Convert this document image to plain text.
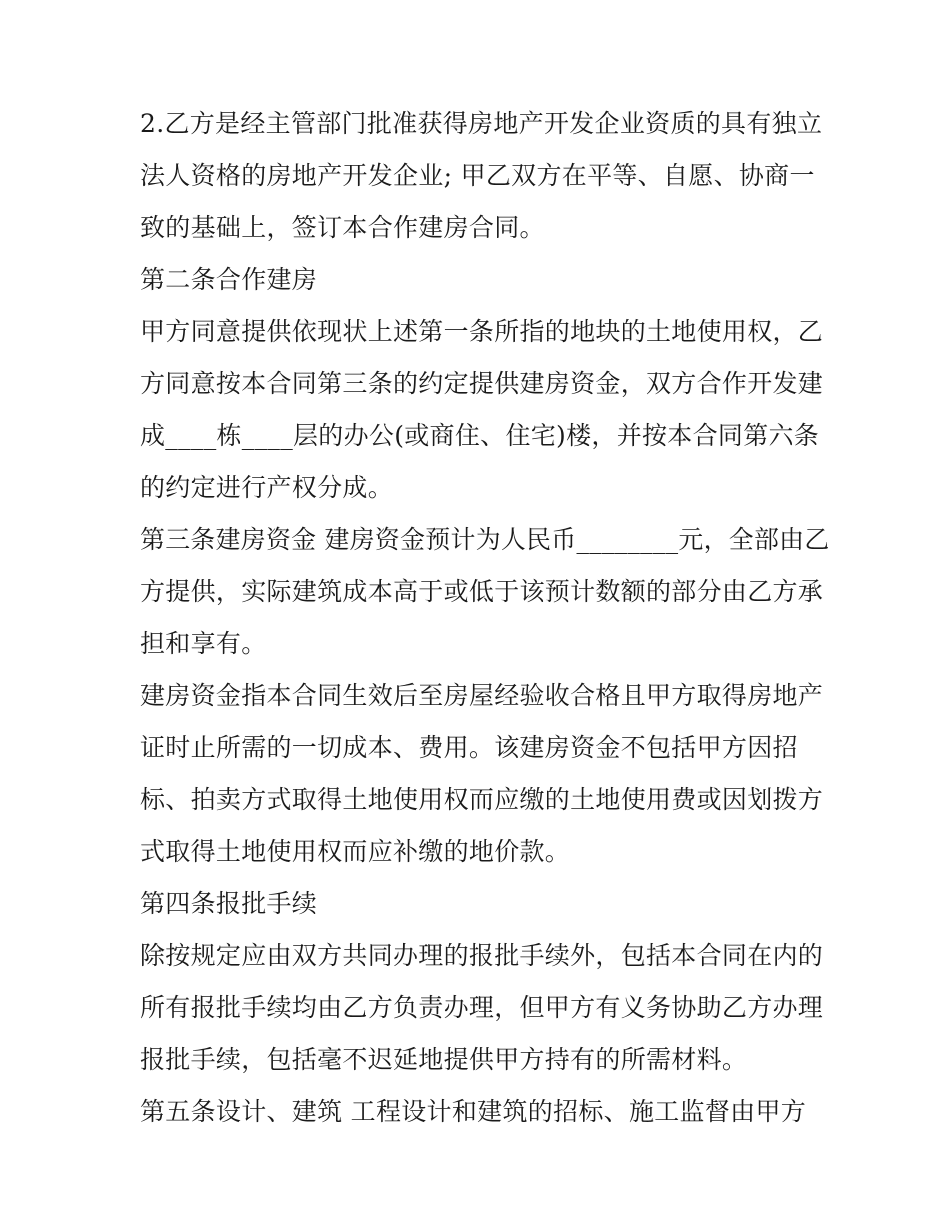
2.乙方是经主管部门批准获得房地产开发企业资质的具有独立
法人资格的房地产开发企业; 甲乙双方在平等、自愿、协商一
致的基础上，签订本合作建房合同。
第二条合作建房
甲方同意提供依现状上述第一条所指的地块的土地使用权，乙
方同意按本合同第三条的约定提供建房资金，双方合作开发建
成____栋____层的办公(或商住、住宅)楼，并按本合同第六条
的约定进行产权分成。
第三条建房资金 建房资金预计为人民币________元，全部由乙
方提供，实际建筑成本高于或低于该预计数额的部分由乙方承
担和享有。
建房资金指本合同生效后至房屋经验收合格且甲方取得房地产
证时止所需的一切成本、费用。该建房资金不包括甲方因招
标、拍卖方式取得土地使用权而应缴的土地使用费或因划拨方
式取得土地使用权而应补缴的地价款。
第四条报批手续
除按规定应由双方共同办理的报批手续外，包括本合同在内的
所有报批手续均由乙方负责办理，但甲方有义务协助乙方办理
报批手续，包括毫不迟延地提供甲方持有的所需材料。
第五条设计、建筑 工程设计和建筑的招标、施工监督由甲方
